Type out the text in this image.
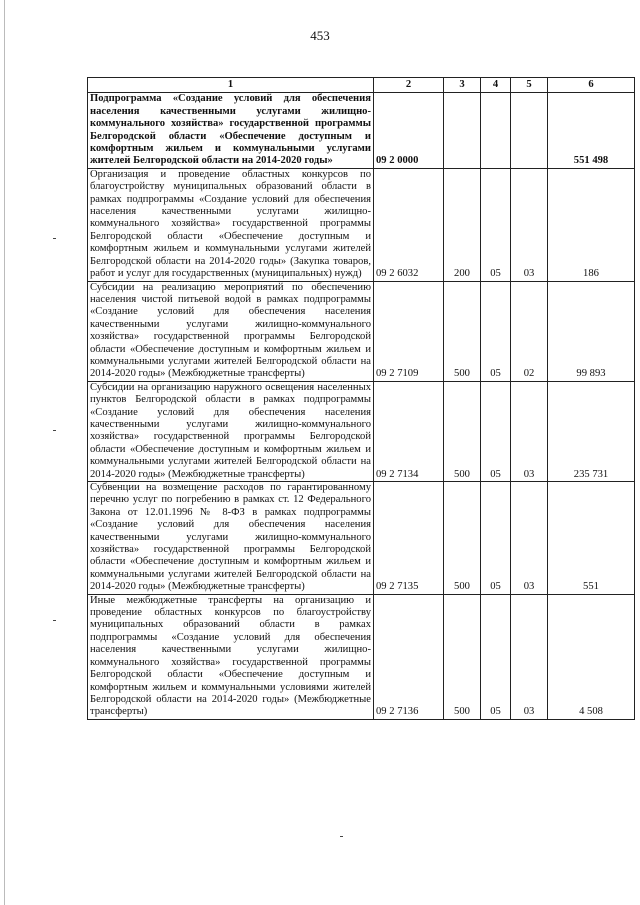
453
1	2	3	4	5	6
Подпрограмма «Создание условий для обеспечения населения качественными услугами жилищно-коммунального хозяйства» государственной программы Белгородской области «Обеспечение доступным и комфортным жильем и коммунальными услугами жителей Белгородской области на 2014-2020 годы»	09 2 0000				551 498
Организация и проведение областных конкурсов по благоустройству муниципальных образований области в рамках подпрограммы «Создание условий для обеспечения населения качественными услугами жилищно-коммунального хозяйства» государственной программы Белгородской области «Обеспечение доступным и комфортным жильем и коммунальными услугами жителей Белгородской области на 2014-2020 годы» (Закупка товаров, работ и услуг для государственных (муниципальных) нужд)	09 2 6032	200	05	03	186
Субсидии на реализацию мероприятий по обеспечению населения чистой питьевой водой в рамках подпрограммы «Создание условий для обеспечения населения качественными услугами жилищно-коммунального хозяйства» государственной программы Белгородской области «Обеспечение доступным и комфортным жильем и коммунальными услугами жителей Белгородской области на 2014-2020 годы» (Межбюджетные трансферты)	09 2 7109	500	05	02	99 893
Субсидии на организацию наружного освещения населенных пунктов Белгородской области в рамках подпрограммы «Создание условий для обеспечения населения качественными услугами жилищно-коммунального хозяйства» государственной программы Белгородской области «Обеспечение доступным и комфортным жильем и коммунальными услугами жителей Белгородской области на 2014-2020 годы» (Межбюджетные трансферты)	09 2 7134	500	05	03	235 731
Субвенции на возмещение расходов по гарантированному перечню услуг по погребению в рамках ст. 12 Федерального Закона от 12.01.1996 № 8-ФЗ в рамках подпрограммы «Создание условий для обеспечения населения качественными услугами жилищно-коммунального хозяйства» государственной программы Белгородской области «Обеспечение доступным и комфортным жильем и коммунальными услугами жителей Белгородской области на 2014-2020 годы» (Межбюджетные трансферты)	09 2 7135	500	05	03	551
Иные межбюджетные трансферты на организацию и проведение областных конкурсов по благоустройству муниципальных образований области в рамках подпрограммы «Создание условий для обеспечения населения качественными услугами жилищно-коммунального хозяйства» государственной программы Белгородской области «Обеспечение доступным и комфортным жильем и коммунальными условиями жителей Белгородской области на 2014-2020 годы» (Межбюджетные трансферты)	09 2 7136	500	05	03	4 508
